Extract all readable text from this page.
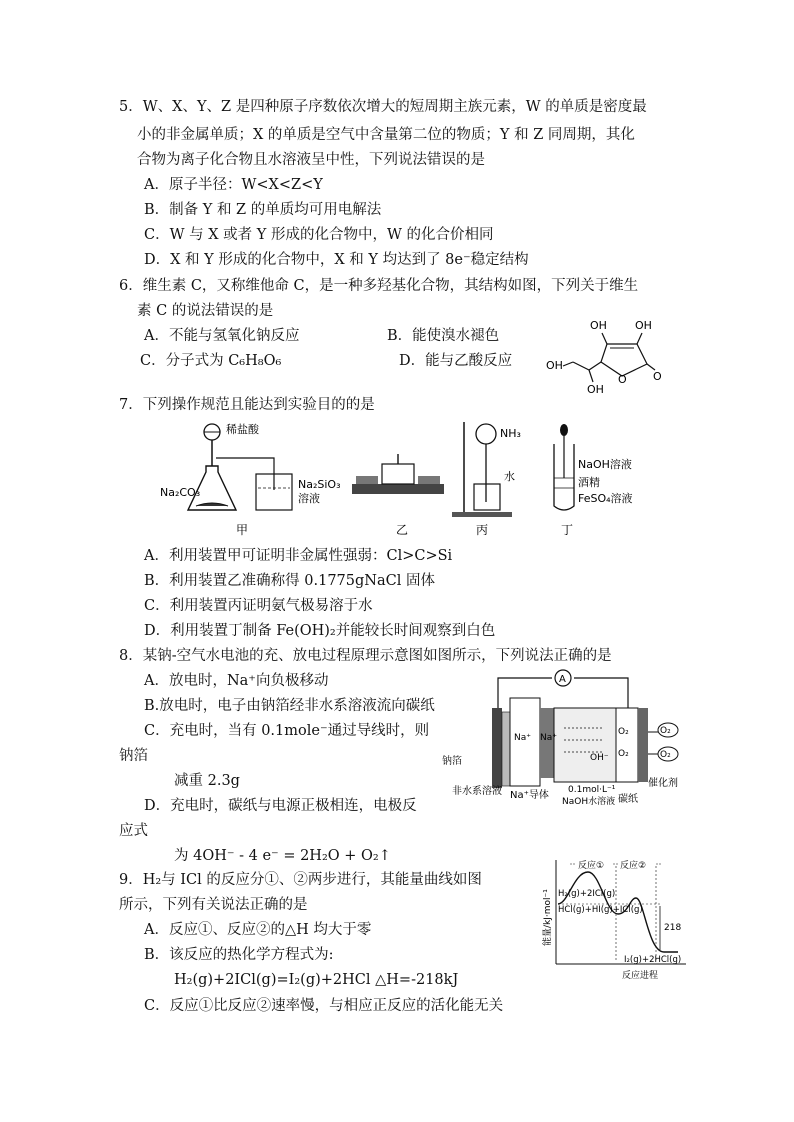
5．W、X、Y、Z 是四种原子序数依次增大的短周期主族元素，W 的单质是密度最
小的非金属单质；X 的单质是空气中含量第二位的物质；Y 和 Z 同周期，其化
合物为离子化合物且水溶液呈中性，下列说法错误的是
A．原子半径：W<X<Z<Y
B．制备 Y 和 Z 的单质均可用电解法
C．W 与 X 或者 Y 形成的化合物中，W 的化合价相同
D．X 和 Y 形成的化合物中，X 和 Y 均达到了 8e⁻稳定结构
6．维生素 C，又称维他命 C，是一种多羟基化合物，其结构如图，下列关于维生
素 C 的说法错误的是
A．不能与氢氧化钠反应	B．能使溴水褪色
C．分子式为 C₆H₈O₆	D．能与乙酸反应
OH	OH
O O
OH
OH
7．下列操作规范且能达到实验目的的是
稀盐酸
Na₂CO₃
Na₂SiO₃
溶液
甲	乙
NH₃
水
丙
NaOH溶液
酒精
FeSO₄溶液
丁
A．利用装置甲可证明非金属性强弱：Cl>C>Si
B．利用装置乙准确称得 0.1775gNaCl 固体
C．利用装置丙证明氨气极易溶于水
D．利用装置丁制备 Fe(OH)₂并能较长时间观察到白色
8．某钠-空气水电池的充、放电过程原理示意图如图所示，下列说法正确的是
A．放电时，Na⁺向负极移动
B.放电时，电子由钠箔经非水系溶液流向碳纸
C．充电时，当有 0.1mole⁻通过导线时，则
钠箔
减重 2.3g
D．充电时，碳纸与电源正极相连，电极反
应式
为 4OH⁻ - 4 e⁻ = 2H₂O + O₂↑
A
Na⁺ Na⁺
OH⁻
O₂
O₂
O₂
O₂
钠箔
非水系溶液 Na⁺导体 0.1mol·L⁻¹
NaOH水溶液 碳纸
催化剂
9．H₂与 ICl 的反应分①、②两步进行，其能量曲线如图
所示，下列有关说法正确的是
A．反应①、反应②的△H 均大于零
B．该反应的热化学方程式为:
H₂(g)+2ICl(g)=I₂(g)+2HCl △H=-218kJ
C．反应①比反应②速率慢，与相应正反应的活化能无关
能量/kJ·mol⁻¹
反应① 反应②
H₂(g)+2ICl(g)
HCl(g)+HI(g)+ICl(g)
218
I₂(g)+2HCl(g)
反应进程
